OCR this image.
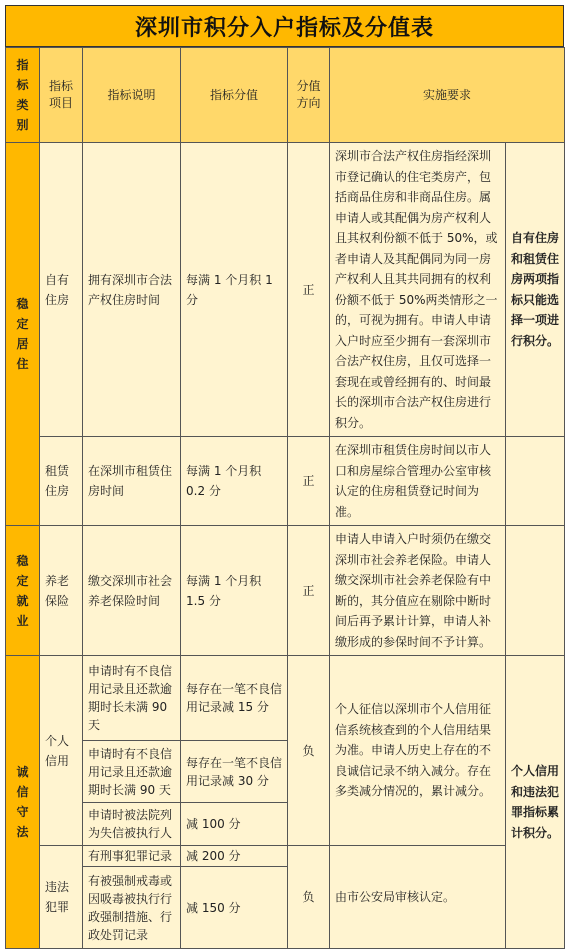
深圳市积分入户指标及分值表
指标类别	指标项目	指标说明	指标分值	分值方向	实施要求	
稳定居住	自有住房	拥有深圳市合法产权住房时间	每满 1 个月积 1 分	正	深圳市合法产权住房指经深圳市登记确认的住宅类房产，包括商品住房和非商品住房。属申请人或其配偶为房产权利人且其权利份额不低于 50%，或者申请人及其配偶同为同一房产权利人且其共同拥有的权利份额不低于 50%两类情形之一的，可视为拥有。申请人申请入户时应至少拥有一套深圳市合法产权住房，且仅可选择一套现在或曾经拥有的、时间最长的深圳市合法产权住房进行积分。	自有住房和租赁住房两项指标只能选择一项进行积分。
	租赁住房	在深圳市租赁住房时间	每满 1 个月积 0.2 分	正	在深圳市租赁住房时间以市人口和房屋综合管理办公室审核认定的住房租赁登记时间为准。	
稳定就业	养老保险	缴交深圳市社会养老保险时间	每满 1 个月积 1.5 分	正	申请人申请入户时须仍在缴交深圳市社会养老保险。申请人缴交深圳市社会养老保险有中断的，其分值应在剔除中断时间后再予累计计算，申请人补缴形成的参保时间不予计算。	
诚信守法	个人信用	申请时有不良信用记录且还款逾期时长未满 90 天	每存在一笔不良信用记录减 15 分	负	个人征信以深圳市个人信用征信系统核查到的个人信用结果为准。申请人历史上存在的不良诚信记录不纳入减分。存在多类减分情况的，累计减分。	个人信用和违法犯罪指标累计积分。
		申请时有不良信用记录且还款逾期时长满 90 天	每存在一笔不良信用记录减 30 分			
		申请时被法院列为失信被执行人	减 100 分			
	违法犯罪	有刑事犯罪记录	减 200 分	负	由市公安局审核认定。	
		有被强制戒毒或因吸毒被执行行政强制措施、行政处罚记录	减 150 分			
